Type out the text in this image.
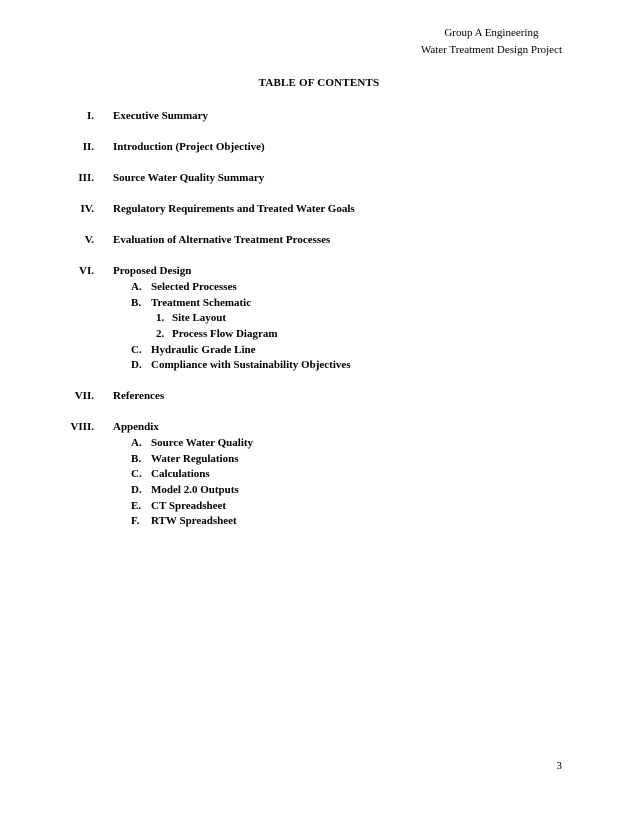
Group A Engineering
Water Treatment Design Project
TABLE OF CONTENTS
I. Executive Summary
II. Introduction (Project Objective)
III. Source Water Quality Summary
IV. Regulatory Requirements and Treated Water Goals
V. Evaluation of Alternative Treatment Processes
VI. Proposed Design
A. Selected Processes
B. Treatment Schematic
1. Site Layout
2. Process Flow Diagram
C. Hydraulic Grade Line
D. Compliance with Sustainability Objectives
VII. References
VIII. Appendix
A. Source Water Quality
B. Water Regulations
C. Calculations
D. Model 2.0 Outputs
E. CT Spreadsheet
F. RTW Spreadsheet
3
